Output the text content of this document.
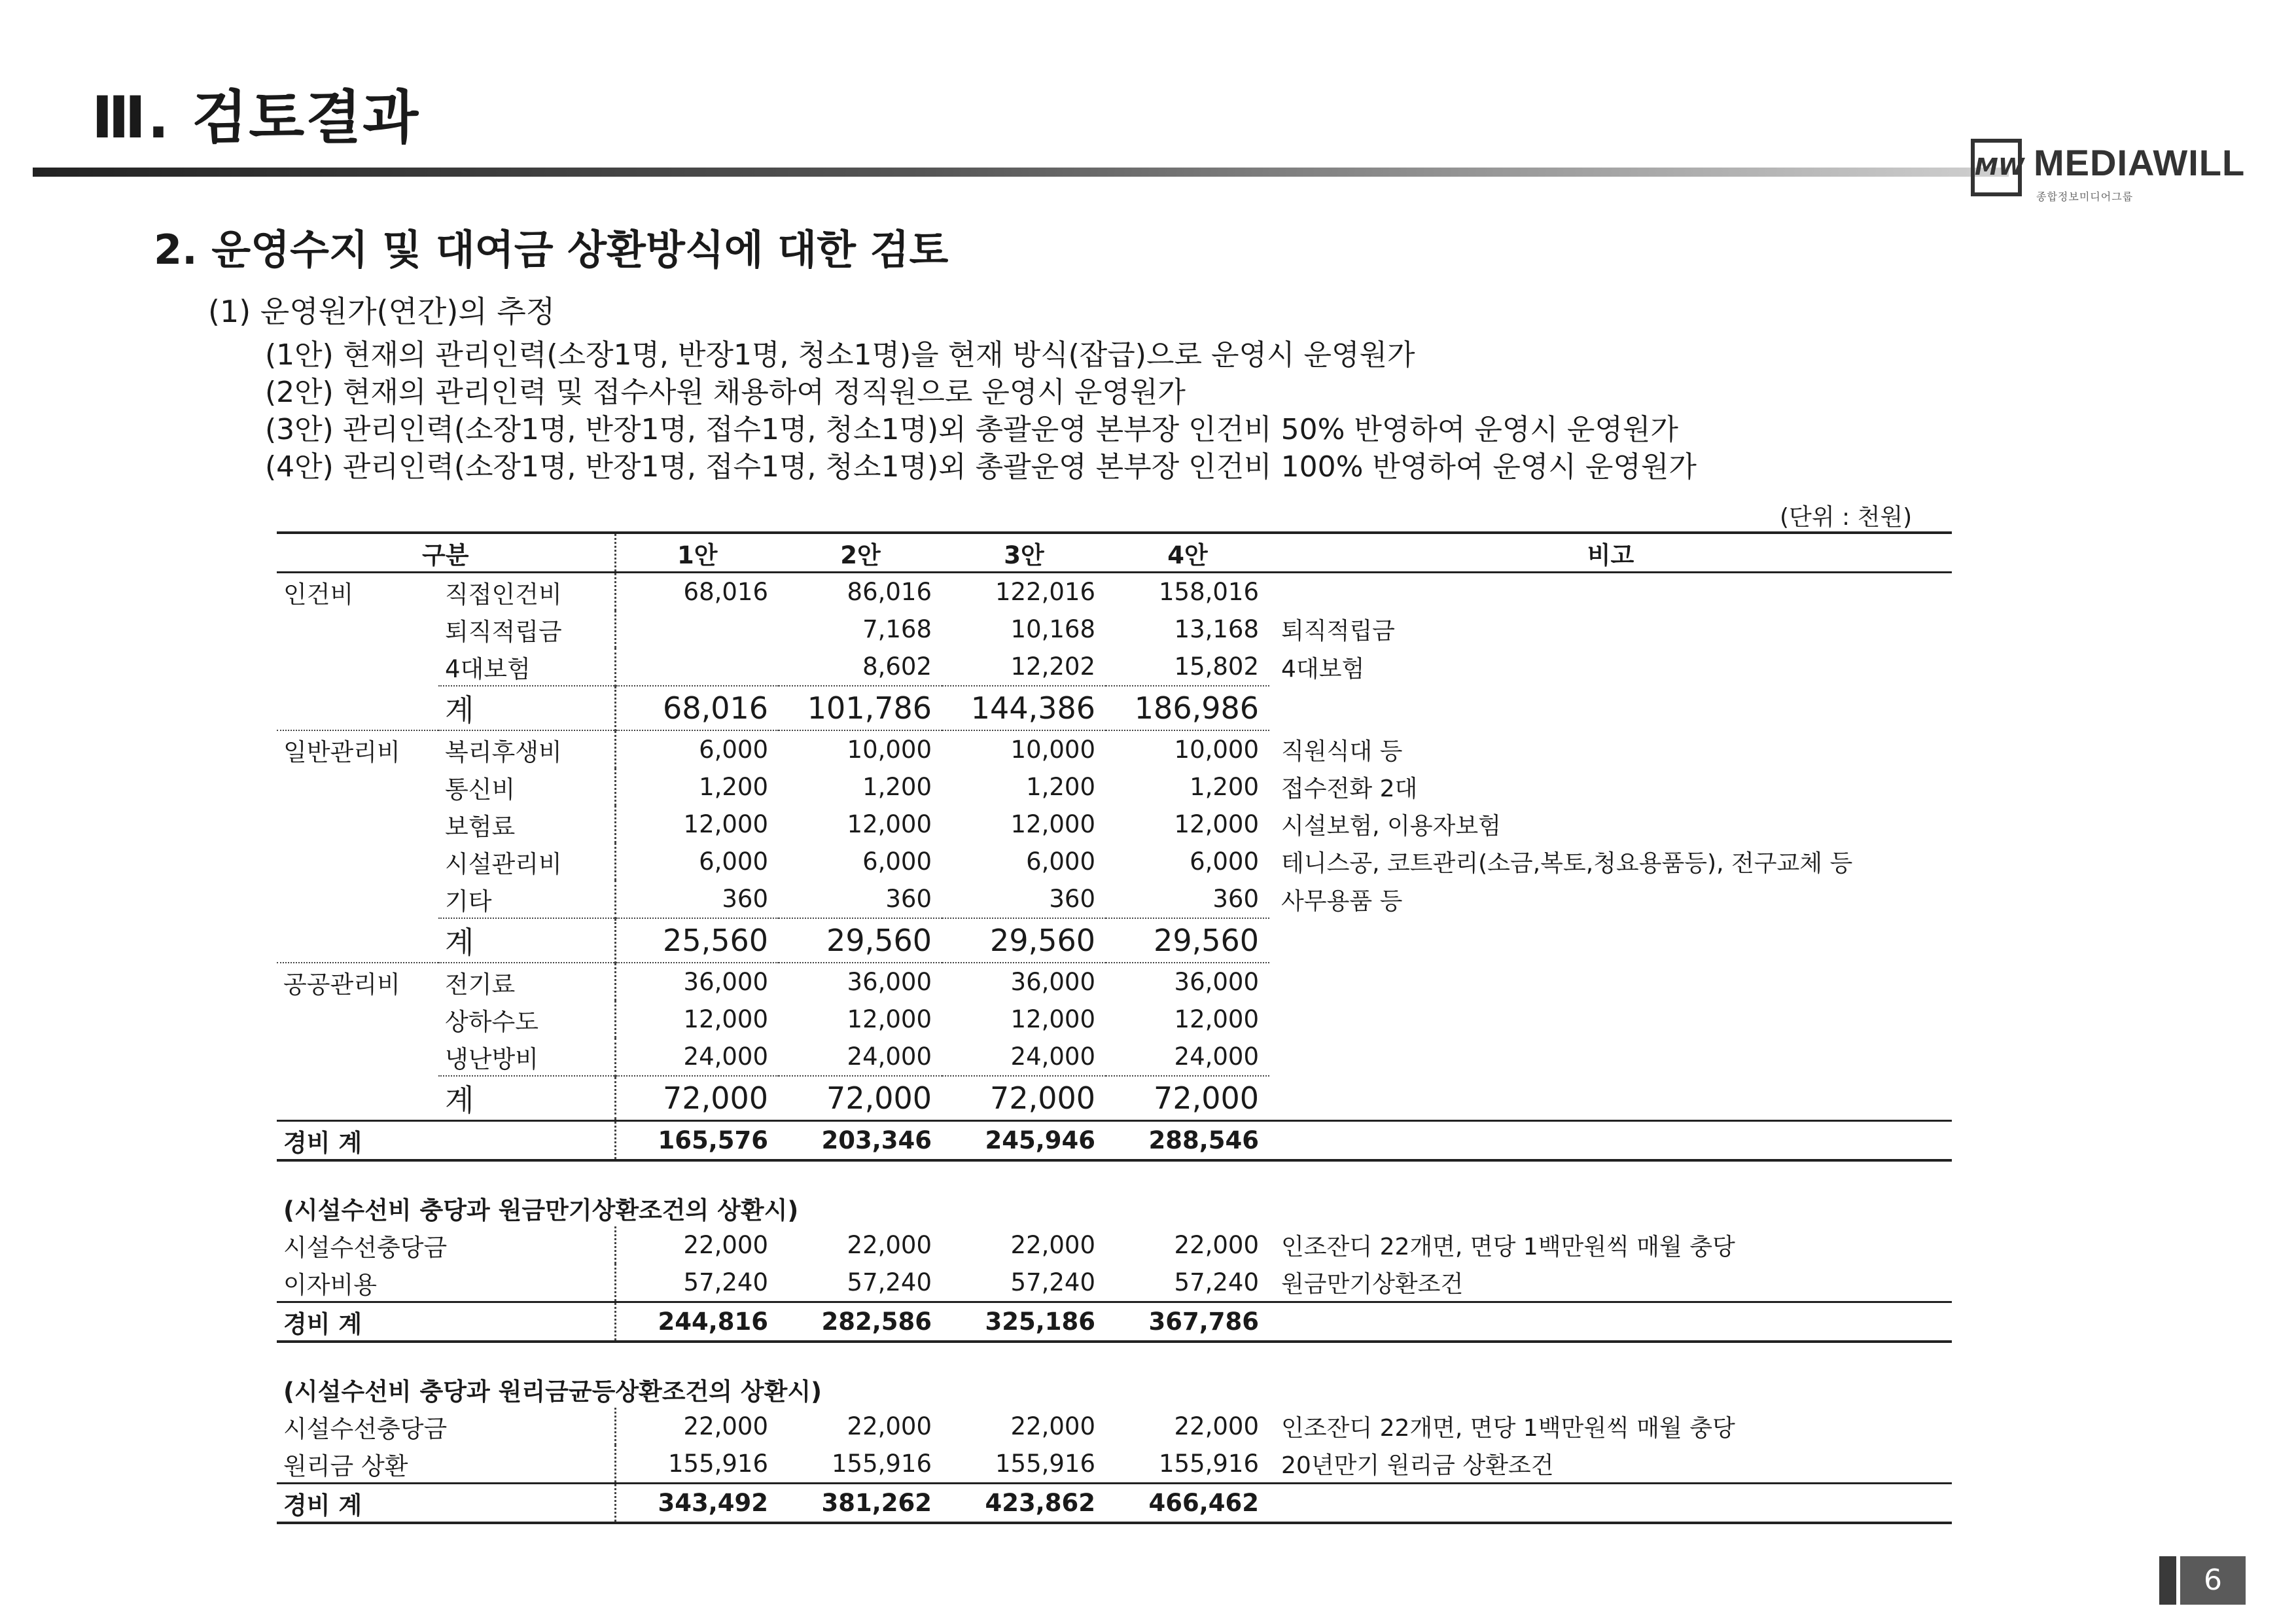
Ⅲ. 검토결과
MW MEDIAWILL
종합정보미디어그룹
2. 운영수지 및 대여금 상환방식에 대한 검토
(1) 운영원가(연간)의 추정
(1안) 현재의 관리인력(소장1명, 반장1명, 청소1명)을 현재 방식(잡급)으로 운영시 운영원가
(2안) 현재의 관리인력 및 접수사원 채용하여 정직원으로 운영시 운영원가
(3안) 관리인력(소장1명, 반장1명, 접수1명, 청소1명)외 총괄운영 본부장 인건비 50% 반영하여 운영시 운영원가
(4안) 관리인력(소장1명, 반장1명, 접수1명, 청소1명)외 총괄운영 본부장 인건비 100% 반영하여 운영시 운영원가
(단위 : 천원)
구분		1안	2안	3안	4안	비고
인건비	직접인건비	68,016	86,016	122,016	158,016	
	퇴직적립금		7,168	10,168	13,168	퇴직적립금
	4대보험		8,602	12,202	15,802	4대보험
	계	68,016	101,786	144,386	186,986	
일반관리비	복리후생비	6,000	10,000	10,000	10,000	직원식대 등
	통신비	1,200	1,200	1,200	1,200	접수전화 2대
	보험료	12,000	12,000	12,000	12,000	시설보험, 이용자보험
	시설관리비	6,000	6,000	6,000	6,000	테니스공, 코트관리(소금,복토,청요용품등), 전구교체 등
	기타	360	360	360	360	사무용품 등
	계	25,560	29,560	29,560	29,560	
공공관리비	전기료	36,000	36,000	36,000	36,000	
	상하수도	12,000	12,000	12,000	12,000	
	냉난방비	24,000	24,000	24,000	24,000	
	계	72,000	72,000	72,000	72,000	
경비 계		165,576	203,346	245,946	288,546	

(시설수선비 충당과 원금만기상환조건의 상환시)						
시설수선충당금		22,000	22,000	22,000	22,000	인조잔디 22개면, 면당 1백만원씩 매월 충당
이자비용		57,240	57,240	57,240	57,240	원금만기상환조건
경비 계		244,816	282,586	325,186	367,786	

(시설수선비 충당과 원리금균등상환조건의 상환시)						
시설수선충당금		22,000	22,000	22,000	22,000	인조잔디 22개면, 면당 1백만원씩 매월 충당
원리금 상환		155,916	155,916	155,916	155,916	20년만기 원리금 상환조건
경비 계		343,492	381,262	423,862	466,462	
6
